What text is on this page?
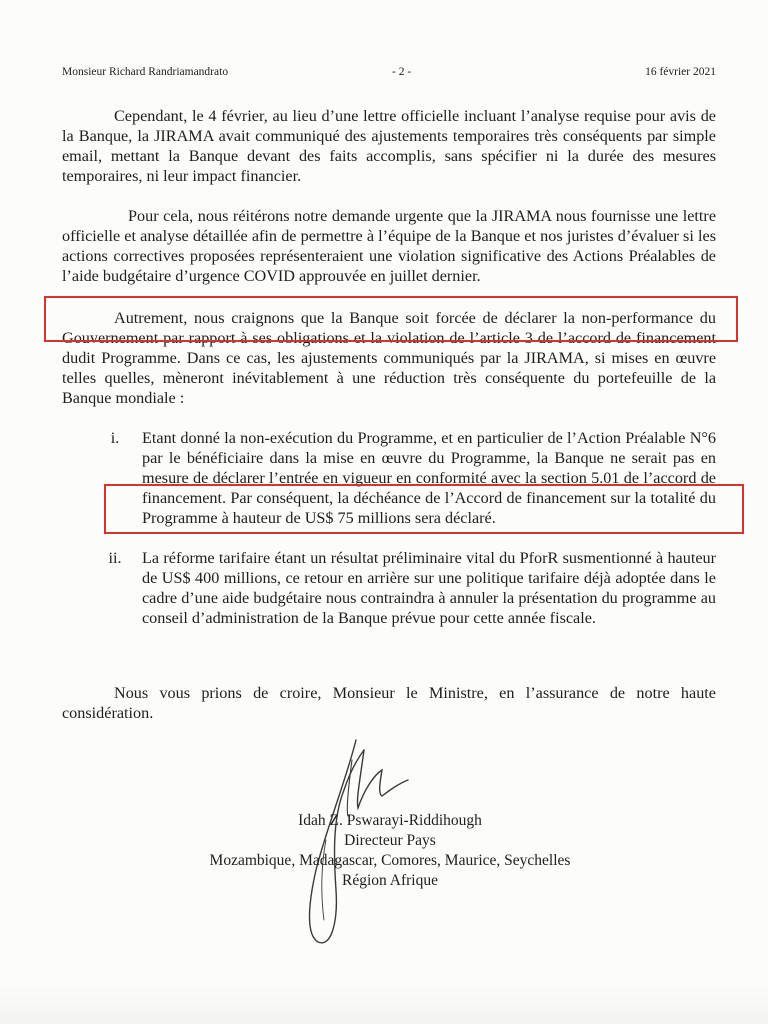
Monsieur Richard Randriamandrato	- 2 -	16 février 2021

Cependant, le 4 février, au lieu d’une lettre officielle incluant l’analyse requise pour avis de la Banque, la JIRAMA avait communiqué des ajustements temporaires très conséquents par simple email, mettant la Banque devant des faits accomplis, sans spécifier ni la durée des mesures temporaires, ni leur impact financier.

Pour cela, nous réitérons notre demande urgente que la JIRAMA nous fournisse une lettre officielle et analyse détaillée afin de permettre à l’équipe de la Banque et nos juristes d’évaluer si les actions correctives proposées représenteraient une violation significative des Actions Préalables de l’aide budgétaire d’urgence COVID approuvée en juillet dernier.

Autrement, nous craignons que la Banque soit forcée de déclarer la non-performance du Gouvernement par rapport à ses obligations et la violation de l’article 3 de l’accord de financement dudit Programme. Dans ce cas, les ajustements communiqués par la JIRAMA, si mises en œuvre telles quelles, mèneront inévitablement à une réduction très conséquente du portefeuille de la Banque mondiale :

i.	Etant donné la non-exécution du Programme, et en particulier de l’Action Préalable N°6 par le bénéficiaire dans la mise en œuvre du Programme, la Banque ne serait pas en mesure de déclarer l’entrée en vigueur en conformité avec la section 5.01 de l’accord de financement. Par conséquent, la déchéance de l’Accord de financement sur la totalité du Programme à hauteur de US$ 75 millions sera déclaré.

ii.	La réforme tarifaire étant un résultat préliminaire vital du PforR susmentionné à hauteur de US$ 400 millions, ce retour en arrière sur une politique tarifaire déjà adoptée dans le cadre d’une aide budgétaire nous contraindra à annuler la présentation du programme au conseil d’administration de la Banque prévue pour cette année fiscale.

Nous vous prions de croire, Monsieur le Ministre, en l’assurance de notre haute considération.

Idah Z. Pswarayi-Riddihough
Directeur Pays
Mozambique, Madagascar, Comores, Maurice, Seychelles
Région Afrique
